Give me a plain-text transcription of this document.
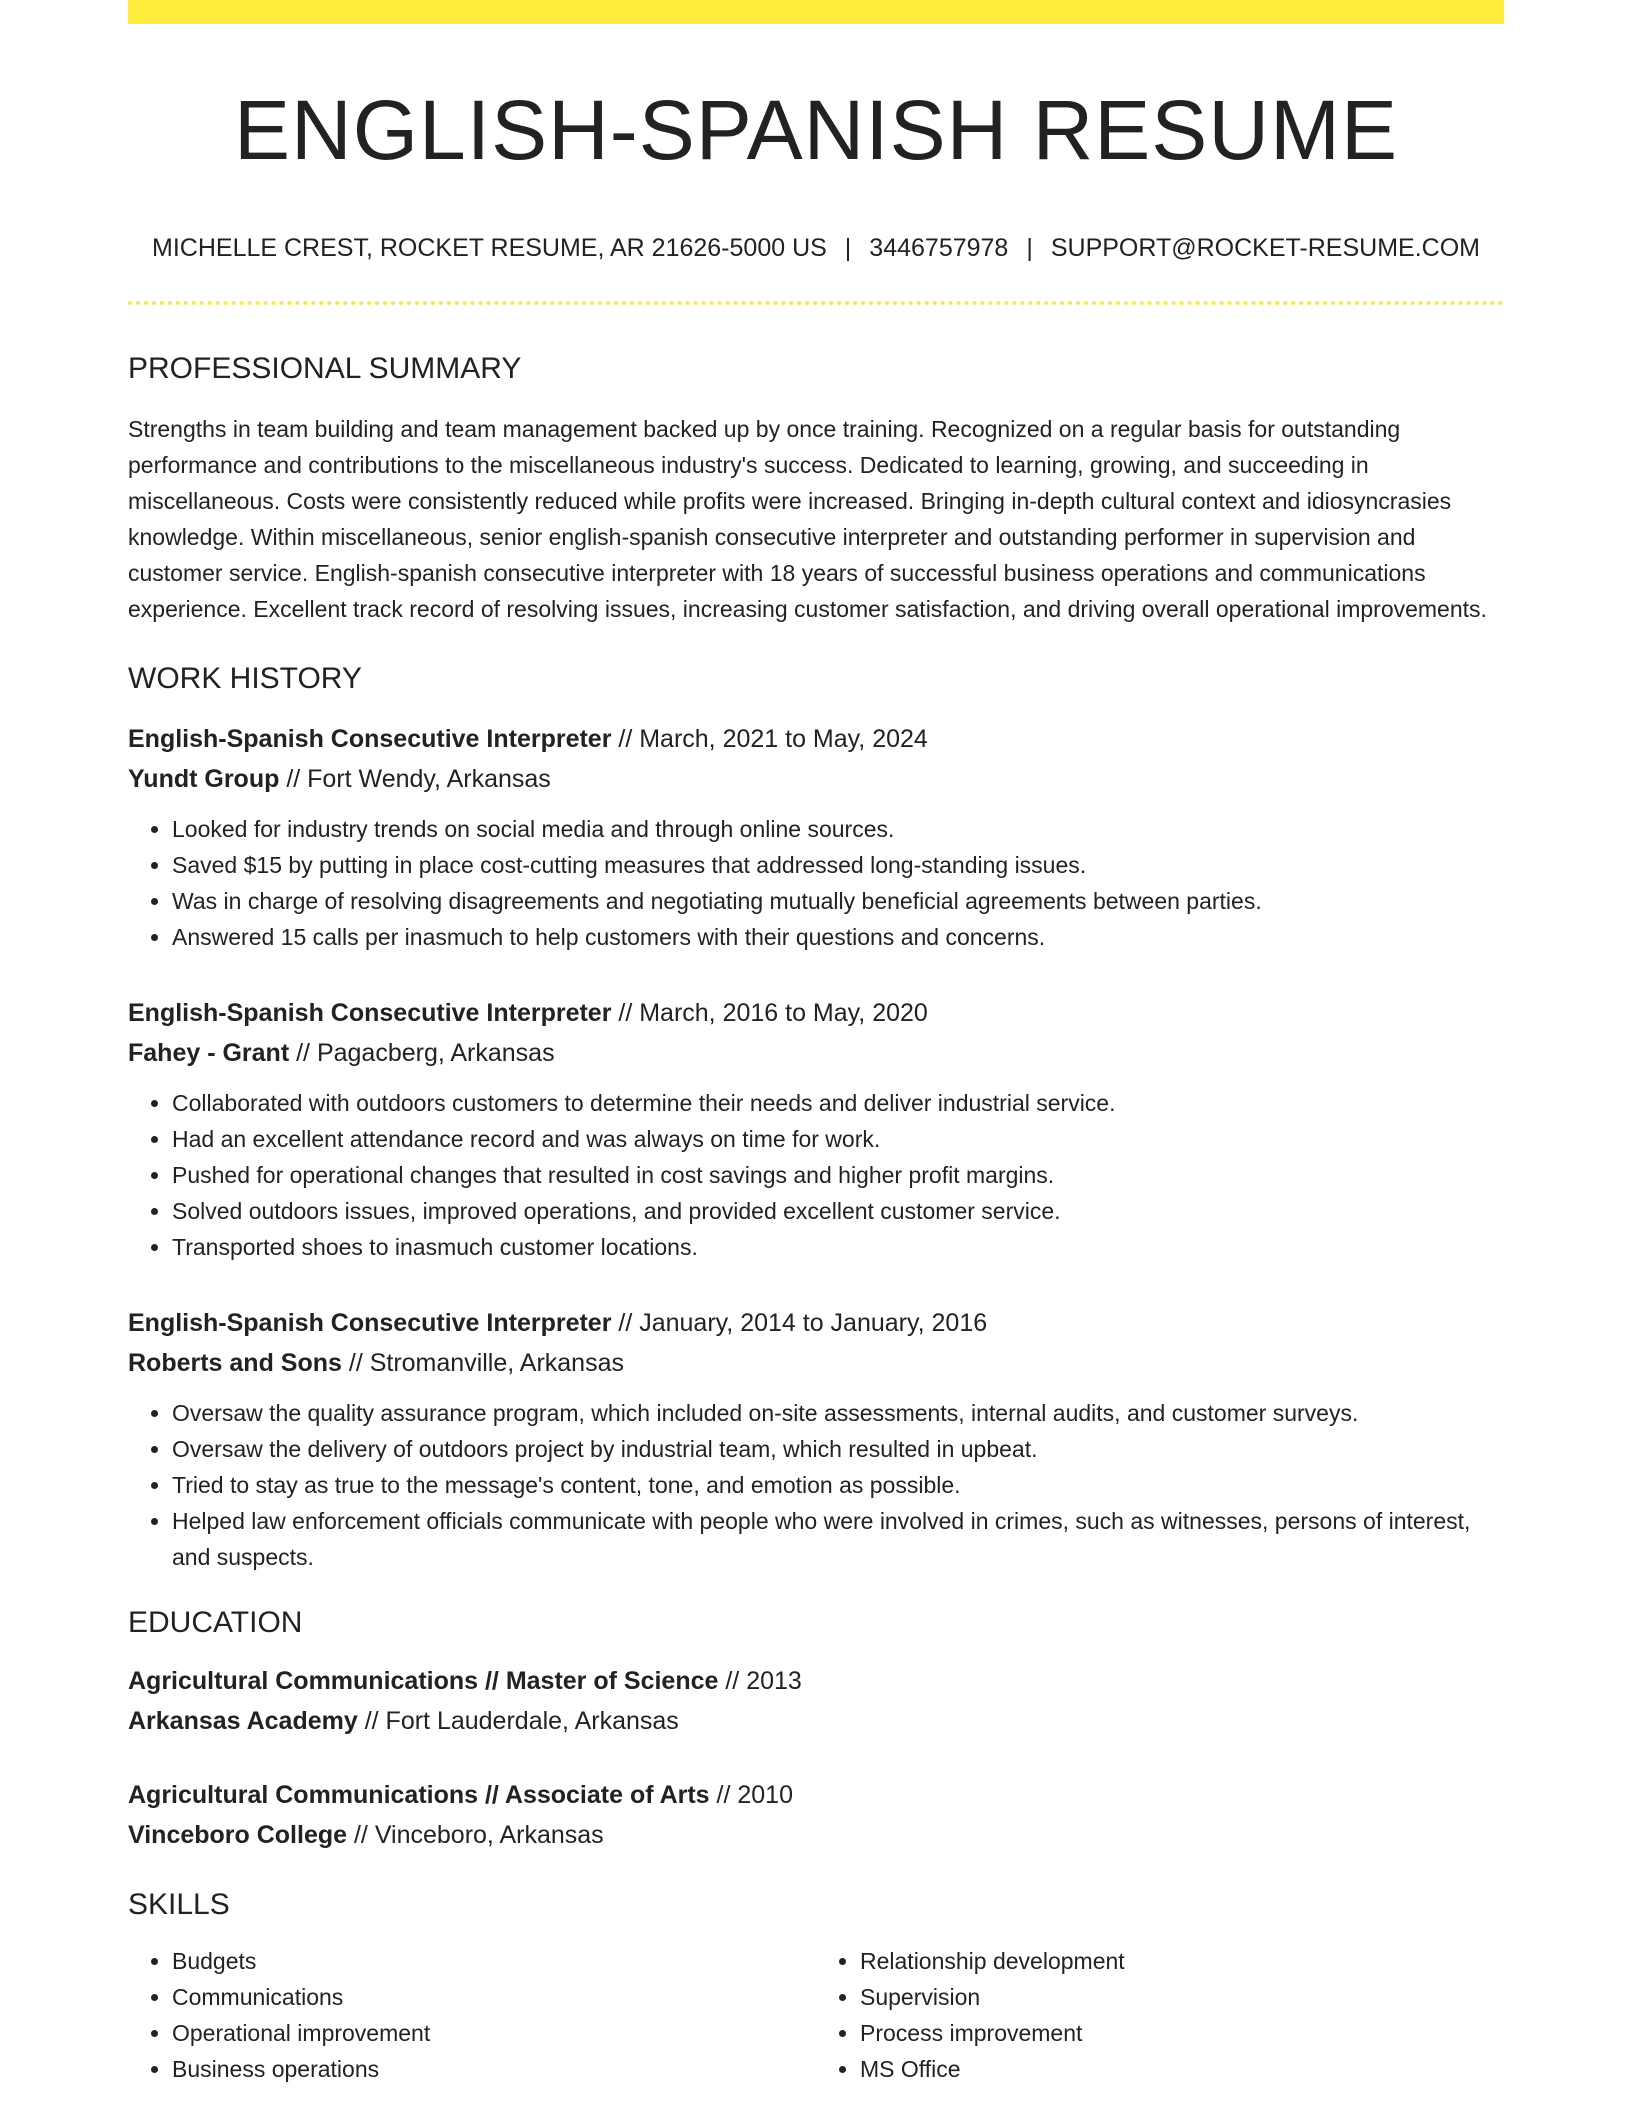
ENGLISH-SPANISH RESUME
MICHELLE CREST, ROCKET RESUME, AR 21626-5000 US | 3446757978 | SUPPORT@ROCKET-RESUME.COM
PROFESSIONAL SUMMARY
Strengths in team building and team management backed up by once training. Recognized on a regular basis for outstanding performance and contributions to the miscellaneous industry's success. Dedicated to learning, growing, and succeeding in miscellaneous. Costs were consistently reduced while profits were increased. Bringing in-depth cultural context and idiosyncrasies knowledge. Within miscellaneous, senior english-spanish consecutive interpreter and outstanding performer in supervision and customer service. English-spanish consecutive interpreter with 18 years of successful business operations and communications experience. Excellent track record of resolving issues, increasing customer satisfaction, and driving overall operational improvements.
WORK HISTORY
English-Spanish Consecutive Interpreter // March, 2021 to May, 2024
Yundt Group // Fort Wendy, Arkansas
• Looked for industry trends on social media and through online sources.
• Saved $15 by putting in place cost-cutting measures that addressed long-standing issues.
• Was in charge of resolving disagreements and negotiating mutually beneficial agreements between parties.
• Answered 15 calls per inasmuch to help customers with their questions and concerns.
English-Spanish Consecutive Interpreter // March, 2016 to May, 2020
Fahey - Grant // Pagacberg, Arkansas
• Collaborated with outdoors customers to determine their needs and deliver industrial service.
• Had an excellent attendance record and was always on time for work.
• Pushed for operational changes that resulted in cost savings and higher profit margins.
• Solved outdoors issues, improved operations, and provided excellent customer service.
• Transported shoes to inasmuch customer locations.
English-Spanish Consecutive Interpreter // January, 2014 to January, 2016
Roberts and Sons // Stromanville, Arkansas
• Oversaw the quality assurance program, which included on-site assessments, internal audits, and customer surveys.
• Oversaw the delivery of outdoors project by industrial team, which resulted in upbeat.
• Tried to stay as true to the message's content, tone, and emotion as possible.
• Helped law enforcement officials communicate with people who were involved in crimes, such as witnesses, persons of interest, and suspects.
EDUCATION
Agricultural Communications // Master of Science // 2013
Arkansas Academy // Fort Lauderdale, Arkansas
Agricultural Communications // Associate of Arts // 2010
Vinceboro College // Vinceboro, Arkansas
SKILLS
• Budgets
• Communications
• Operational improvement
• Business operations
• Relationship development
• Supervision
• Process improvement
• MS Office
